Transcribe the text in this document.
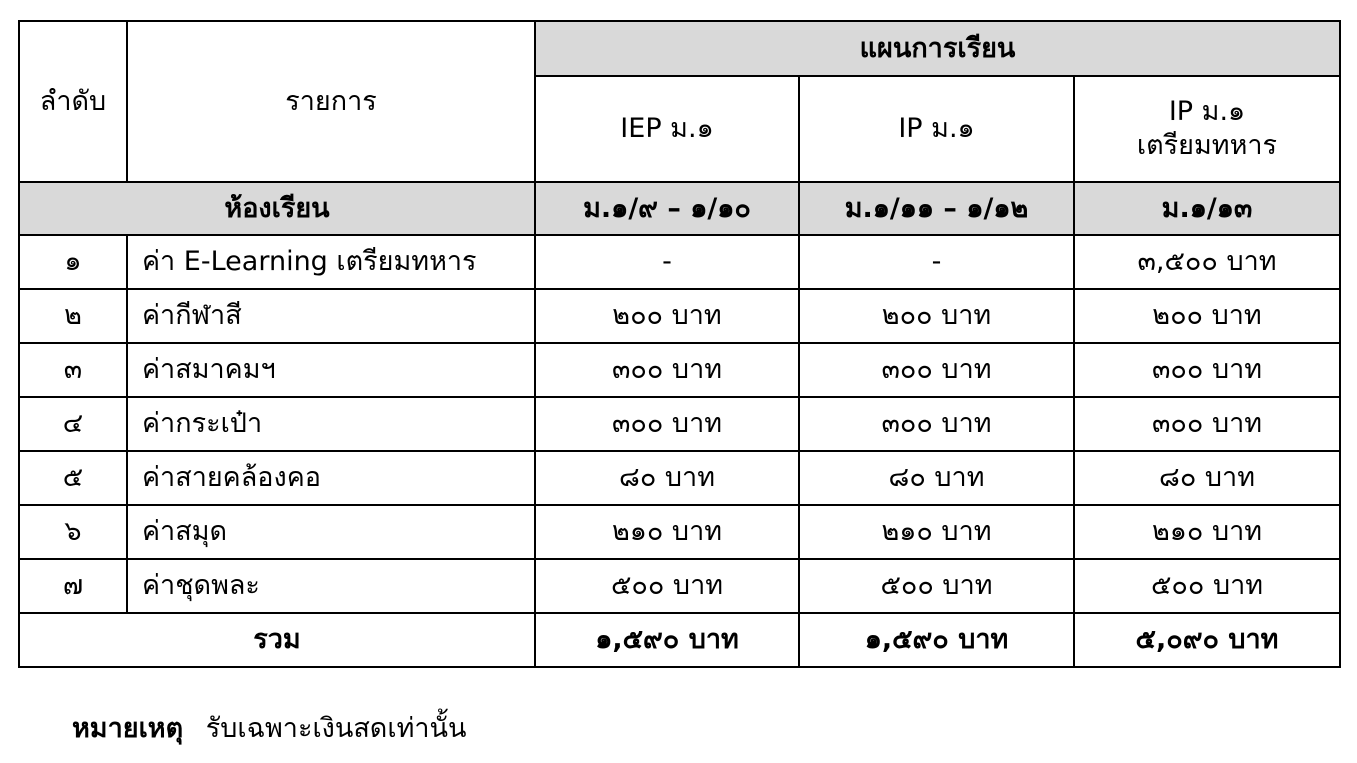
ลำดับ	รายการ	แผนการเรียน		

		IEP ม.๑	IP ม.๑	IP ม.๑
เตรียมทหาร

ห้องเรียน		ม.๑/๙ – ๑/๑๐	ม.๑/๑๑ – ๑/๑๒	ม.๑/๑๓
๑	ค่า E-Learning เตรียมทหาร	-	-	๓,๕๐๐ บาท
๒	ค่ากีฬาสี	๒๐๐ บาท	๒๐๐ บาท	๒๐๐ บาท
๓	ค่าสมาคมฯ	๓๐๐ บาท	๓๐๐ บาท	๓๐๐ บาท
๔	ค่ากระเป๋า	๓๐๐ บาท	๓๐๐ บาท	๓๐๐ บาท
๕	ค่าสายคล้องคอ	๘๐ บาท	๘๐ บาท	๘๐ บาท
๖	ค่าสมุด	๒๑๐ บาท	๒๑๐ บาท	๒๑๐ บาท
๗	ค่าชุดพละ	๕๐๐ บาท	๕๐๐ บาท	๕๐๐ บาท
รวม		๑,๕๙๐ บาท	๑,๕๙๐ บาท	๕,๐๙๐ บาท
หมายเหตุ รับเฉพาะเงินสดเท่านั้น
